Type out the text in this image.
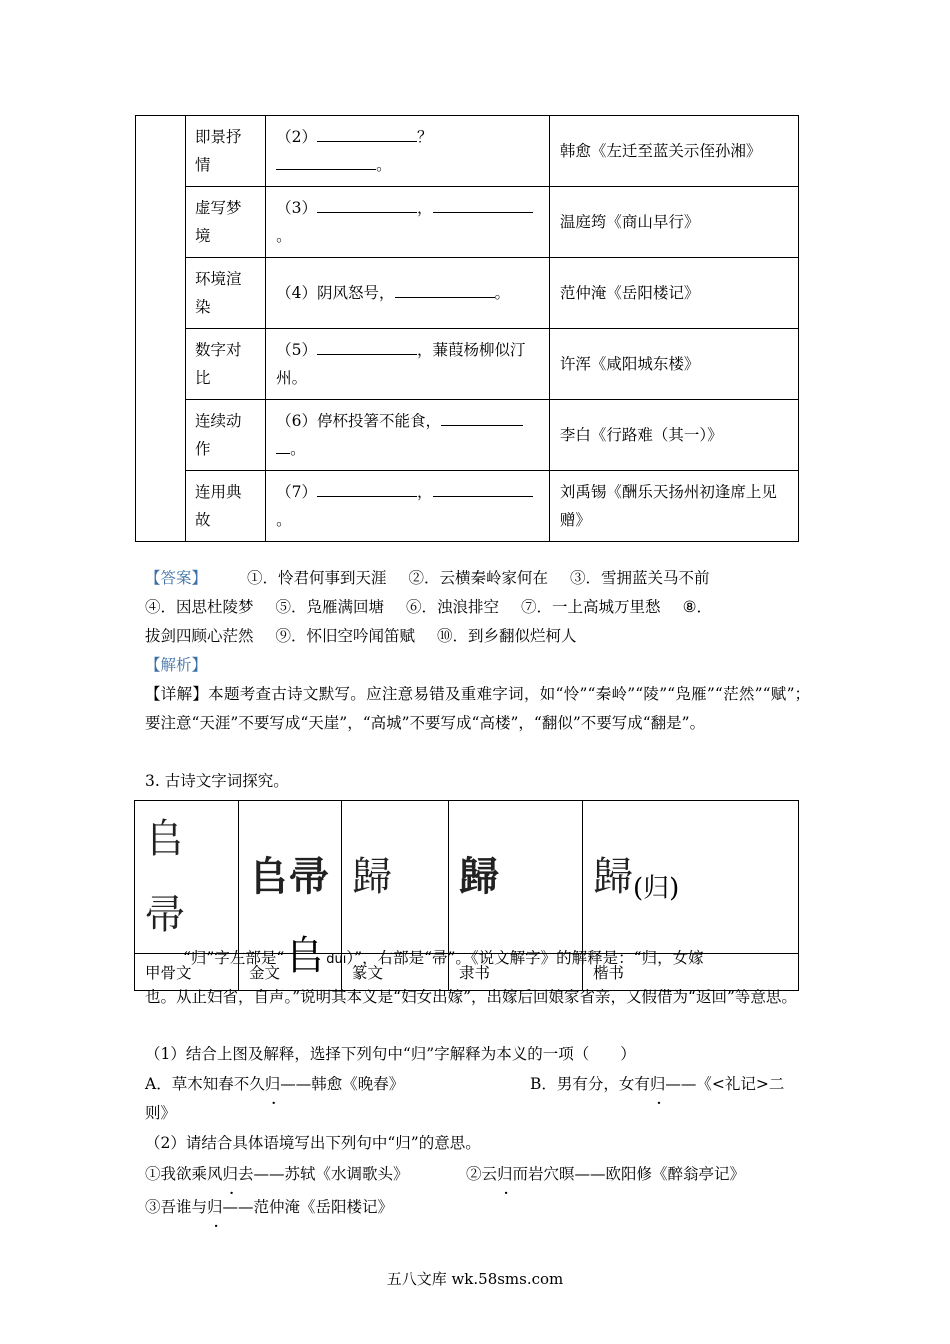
	即景抒情	（2） ？
。	韩愈《左迁至蓝关示侄孙湘》
	虚写梦境	（3） ，
。	温庭筠《商山早行》
	环境渲染	（4）阴风怒号， 。	范仲淹《岳阳楼记》
	数字对比	（5） ，蒹葭杨柳似汀州。	许浑《咸阳城东楼》
	连续动作	（6）停杯投箸不能食，
。	李白《行路难（其一）》
	连用典故	（7） ，
。	刘禹锡《酬乐天扬州初逢席上见赠》
【答案】	①．怜君何事到天涯 ②．云横秦岭家何在 ③．雪拥蓝关马不前
④．因思杜陵梦 ⑤．凫雁满回塘 ⑥．浊浪排空 ⑦．一上高城万里愁 ⑧．
拔剑四顾心茫然 ⑨．怀旧空吟闻笛赋 ⑩．到乡翻似烂柯人
【解析】
【详解】本题考查古诗文默写。应注意易错及重难字词，如“怜”“秦岭”“陵”“凫雁”“茫然”“赋”；要注意“天涯”不要写成“天崖”，“高城”不要写成“高楼”，“翻似”不要写成“翻是”。
3. 古诗文字词探究。
𠂤帚	𠂤帚	歸	歸	歸(归)
甲骨文	金文	篆文	隶书	楷书
“归”字左部是“𠂤duī）”，右部是“帚”。《说文解字》的解释是：“归，女嫁
也。从止妇省，自声。”说明其本义是“妇女出嫁”，出嫁后回娘家省亲，又假借为“返回”等意思。
（1）结合上图及解释，选择下列句中“归”字解释为本义的一项（　　）
A．草木知春不久归——韩愈《晚春》	B．男有分，女有归——《<礼记>二
则》
（2）请结合具体语境写出下列句中“归”的意思。
①我欲乘风归去——苏轼《水调歌头》	②云归而岩穴暝——欧阳修《醉翁亭记》
③吾谁与归——范仲淹《岳阳楼记》
五八文库 wk.58sms.com
